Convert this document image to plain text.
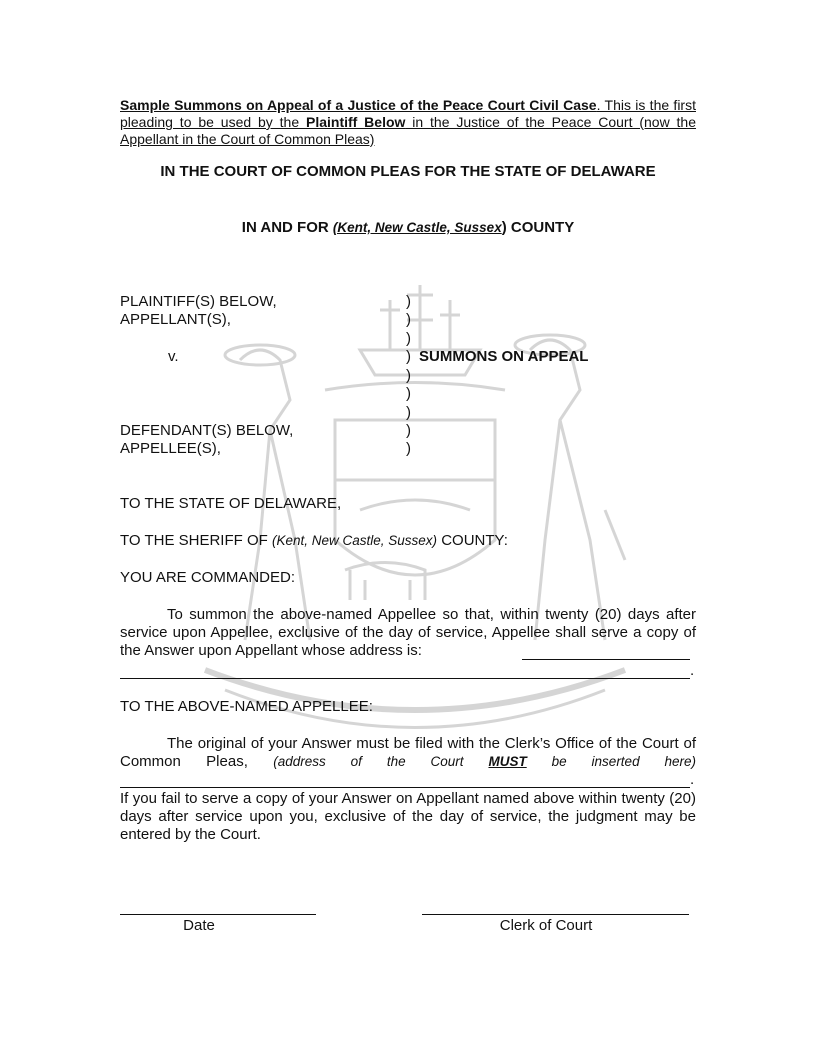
Sample Summons on Appeal of a Justice of the Peace Court Civil Case. This is the first pleading to be used by the Plaintiff Below in the Justice of the Peace Court (now the Appellant in the Court of Common Pleas)
IN THE COURT OF COMMON PLEAS FOR THE STATE OF DELAWARE
IN AND FOR (Kent, New Castle, Sussex) COUNTY
PLAINTIFF(S) BELOW,
APPELLANT(S),
v.
DEFENDANT(S) BELOW,
APPELLEE(S),
)
)
)
)
)
)
)
)
)
SUMMONS ON APPEAL
TO THE STATE OF DELAWARE,
TO THE SHERIFF OF (Kent, New Castle, Sussex) COUNTY:
YOU ARE COMMANDED:
To summon the above-named Appellee so that, within twenty (20) days after service upon Appellee, exclusive of the day of service, Appellee shall serve a copy of the Answer upon Appellant whose address is:
.
TO THE ABOVE-NAMED APPELLEE:
The original of your Answer must be filed with the Clerk’s Office of the Court of Common Pleas, (address of the Court MUST be inserted here)
.
If you fail to serve a copy of your Answer on Appellant named above within twenty (20) days after service upon you, exclusive of the day of service, the judgment may be entered by the Court.
Date	Clerk of Court
